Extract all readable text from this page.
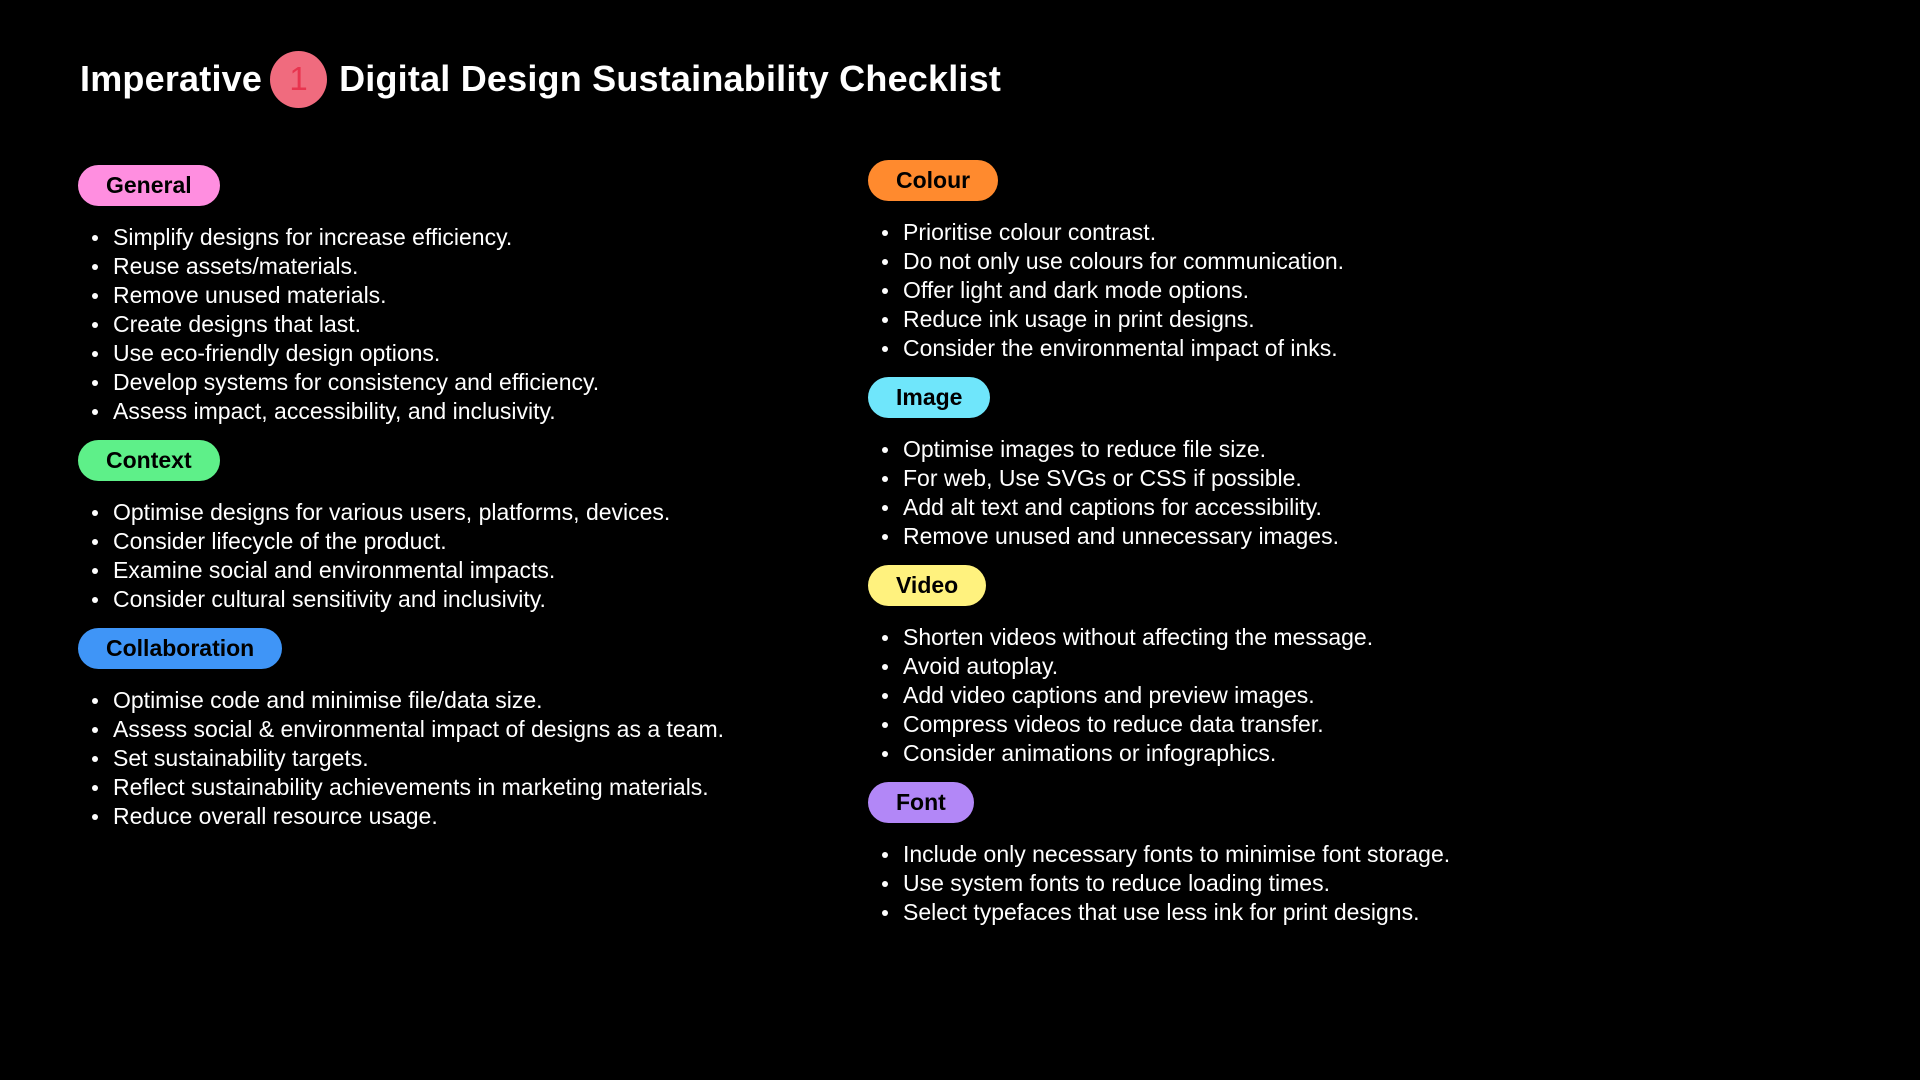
Imperative 1 Digital Design Sustainability Checklist
General
Simplify designs for increase efficiency.
Reuse assets/materials.
Remove unused materials.
Create designs that last.
Use eco-friendly design options.
Develop systems for consistency and efficiency.
Assess impact, accessibility, and inclusivity.
Context
Optimise designs for various users, platforms, devices.
Consider lifecycle of the product.
Examine social and environmental impacts.
Consider cultural sensitivity and inclusivity.
Collaboration
Optimise code and minimise file/data size.
Assess social & environmental impact of designs as a team.
Set sustainability targets.
Reflect sustainability achievements in marketing materials.
Reduce overall resource usage.
Colour
Prioritise colour contrast.
Do not only use colours for communication.
Offer light and dark mode options.
Reduce ink usage in print designs.
Consider the environmental impact of inks.
Image
Optimise images to reduce file size.
For web, Use SVGs or CSS if possible.
Add alt text and captions for accessibility.
Remove unused and unnecessary images.
Video
Shorten videos without affecting the message.
Avoid autoplay.
Add video captions and preview images.
Compress videos to reduce data transfer.
Consider animations or infographics.
Font
Include only necessary fonts to minimise font storage.
Use system fonts to reduce loading times.
Select typefaces that use less ink for print designs.
